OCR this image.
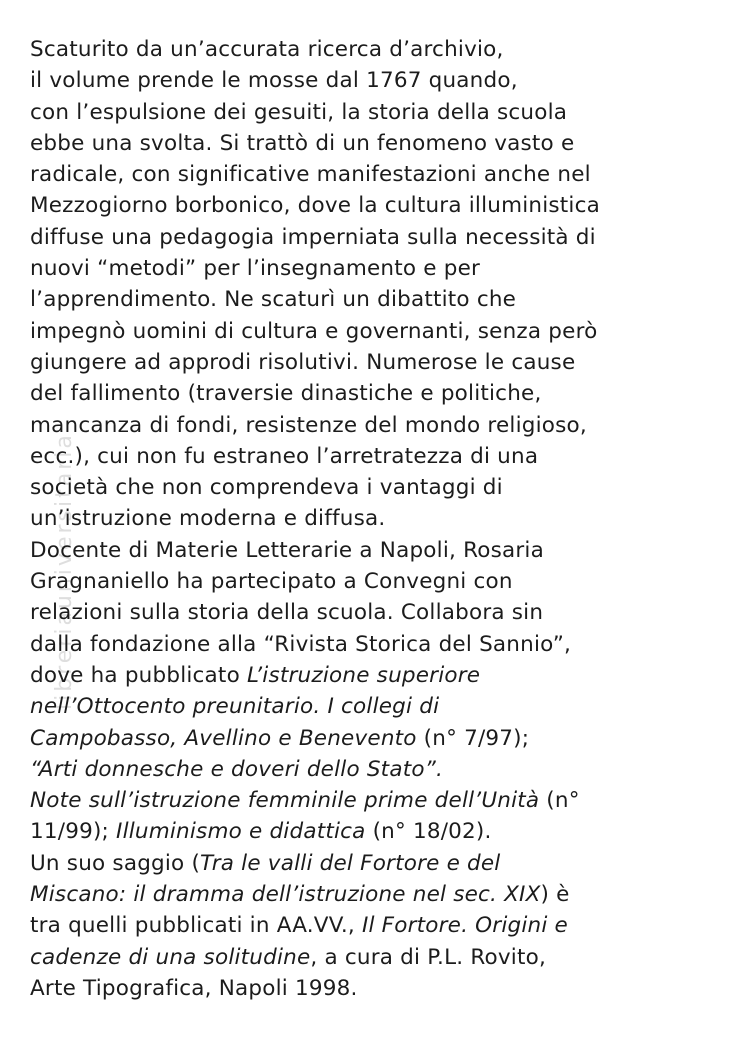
libreriauniversitaria
Scaturito da un’accurata ricerca d’archivio,
il volume prende le mosse dal 1767 quando,
con l’espulsione dei gesuiti, la storia della scuola
ebbe una svolta. Si trattò di un fenomeno vasto e
radicale, con significative manifestazioni anche nel
Mezzogiorno borbonico, dove la cultura illuministica
diffuse una pedagogia imperniata sulla necessità di
nuovi “metodi” per l’insegnamento e per
l’apprendimento. Ne scaturì un dibattito che
impegnò uomini di cultura e governanti, senza però
giungere ad approdi risolutivi. Numerose le cause
del fallimento (traversie dinastiche e politiche,
mancanza di fondi, resistenze del mondo religioso,
ecc.), cui non fu estraneo l’arretratezza di una
società che non comprendeva i vantaggi di
un’istruzione moderna e diffusa.
Docente di Materie Letterarie a Napoli, Rosaria
Gragnaniello ha partecipato a Convegni con
relazioni sulla storia della scuola. Collabora sin
dalla fondazione alla “Rivista Storica del Sannio”,
dove ha pubblicato L’istruzione superiore
nell’Ottocento preunitario. I collegi di
Campobasso, Avellino e Benevento (n° 7/97);
“Arti donnesche e doveri dello Stato”.
Note sull’istruzione femminile prime dell’Unità (n°
11/99); Illuminismo e didattica (n° 18/02).
Un suo saggio (Tra le valli del Fortore e del
Miscano: il dramma dell’istruzione nel sec. XIX) è
tra quelli pubblicati in AA.VV., Il Fortore. Origini e
cadenze di una solitudine, a cura di P.L. Rovito,
Arte Tipografica, Napoli 1998.
